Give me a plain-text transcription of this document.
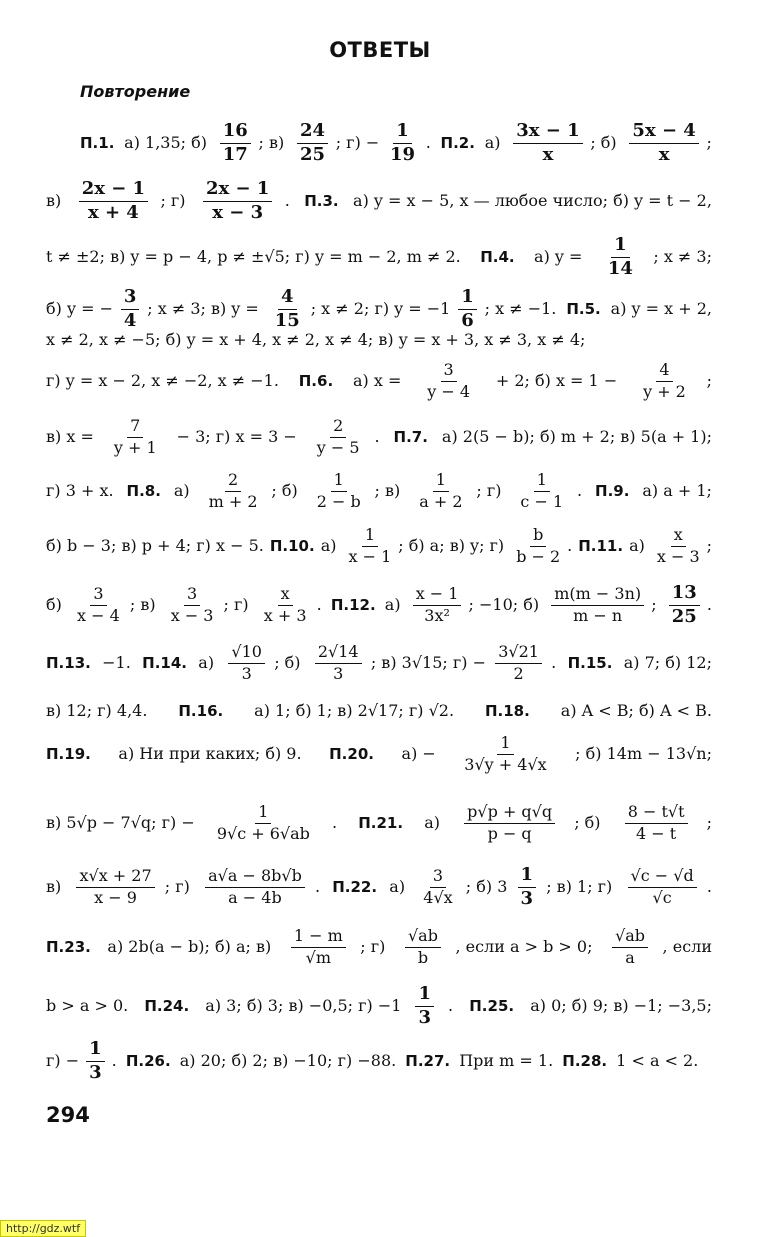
ОТВЕТЫ
Повторение
П.1. а) 1,35; $б) \frac{16}{17}$ ; $в) \frac{24}{25}$ ; $г) - \frac{1}{19}$ . П.2. $а) \frac{3x - 1}{x}$ ; $б) \frac{5x - 4}{x}$ ;
$в) \frac{2x - 1}{x + 4}$ ; $г) \frac{2x - 1}{x - 3}$ . П.3. а) y = x − 5, x — любое число; б) y = t − 2,
t ≠ ±2; в) y = p − 4, p ≠ ±√5; г) y = m − 2, m ≠ 2. П.4. а) $y = \frac{1}{14}$ ; x ≠ 3;
б) y = − $\frac{3}{4}$ ; x ≠ 3; в) $y = \frac{4}{15}$ ; x ≠ 2; г) $y = -1 \frac{1}{6}$ ; x ≠ −1. П.5. а) y = x + 2,
x ≠ 2, x ≠ −5; б) y = x + 4, x ≠ 2, x ≠ 4; в) y = x + 3, x ≠ 3, x ≠ 4;
г) y = x − 2, x ≠ −2, x ≠ −1. П.6. а) $x = \frac{3}{y - 4} + 2$; б) $x = 1 - \frac{4}{y + 2}$ ;
в) $x = \frac{7}{y + 1} - 3$; г) $x = 3 - \frac{2}{y - 5}$ . П.7. а) 2(5 − b); б) m + 2; в) 5(a + 1);
г) 3 + x. П.8. $а) \frac{2}{m + 2}$ ; $б) \frac{1}{2 - b}$ ; $в) \frac{1}{a + 2}$ ; $г) \frac{1}{c - 1}$ . П.9. а) a + 1;
б) b − 3; в) p + 4; г) x − 5. П.10. $а) \frac{1}{x - 1}$ ; б) a; в) y; $г) \frac{b}{b - 2}$ . П.11. $а) \frac{x}{x - 3}$ ;
$б) \frac{3}{x - 4}$ ; $в) \frac{3}{x - 3}$ ; $г) \frac{x}{x + 3}$ . П.12. $а) \frac{x - 1}{\text{3x²}}$ ; −10; $б) \frac{m(m - 3n)}{m - n}$ ; $\frac{13}{25}$ .
П.13. −1. П.14. $а) \frac{√10}{3}$ ; $б) \frac{2√14}{3}$ ; в) 3√15; $г) - \frac{3√21}{2}$ . П.15. а) 7; б) 12;
в) 12; г) 4,4. П.16. а) 1; б) 1; в) 2√17; г) √2. П.18. а) A < B; б) A < B.
П.19. а) Ни при каких; б) 9. П.20. $а) - \frac{1}{3√y + 4√x}$ ; б) 14m − 13√n;
в) 5√p − 7√q; $г) - \frac{1}{9√c + 6√ab}$ . П.21. $а) \frac{p√p + q√q}{p - q}$ ; $б) \frac{8 - t√t}{4 - t}$ ;
$в) \frac{x√x + 27}{x - 9}$ ; $г) \frac{a√a - 8b√b}{a - 4b}$ . П.22. $а) \frac{3}{4√x}$ ; б) $3 \frac{1}{3}$ ; в) 1; $г) \frac{√c - √d}{√c}$ .
П.23. а) 2b(a − b); б) a; $в) \frac{1 - m}{√m}$ ; $г) \frac{√ab}{b}$ , если a > b > 0; $\frac{√ab}{a}$ , если
b > a > 0. П.24. а) 3; б) 3; в) −0,5; $г) -1 \frac{1}{3}$ . П.25. а) 0; б) 9; в) −1; −3,5;
$г) - \frac{1}{3}$ . П.26. а) 20; б) 2; в) −10; г) −88. П.27. При m = 1. П.28. 1 < a < 2.
294
http://gdz.wtf
